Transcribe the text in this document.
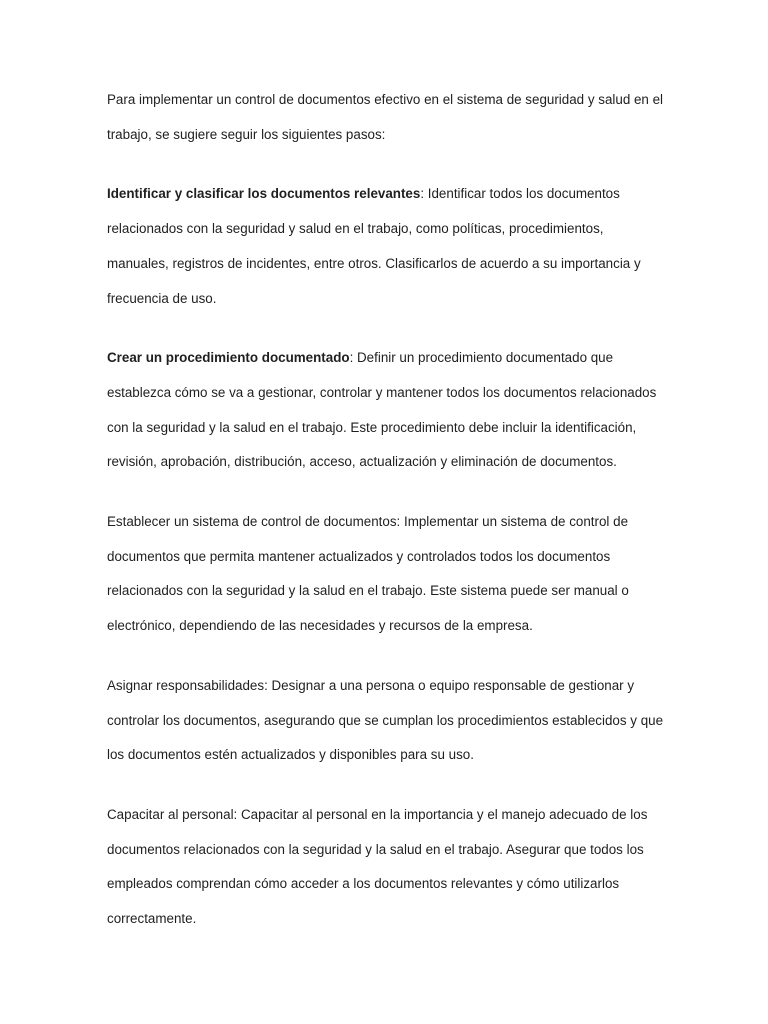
Para implementar un control de documentos efectivo en el sistema de seguridad y salud en el trabajo, se sugiere seguir los siguientes pasos:

Identificar y clasificar los documentos relevantes: Identificar todos los documentos relacionados con la seguridad y salud en el trabajo, como políticas, procedimientos, manuales, registros de incidentes, entre otros. Clasificarlos de acuerdo a su importancia y frecuencia de uso.

Crear un procedimiento documentado: Definir un procedimiento documentado que establezca cómo se va a gestionar, controlar y mantener todos los documentos relacionados con la seguridad y la salud en el trabajo. Este procedimiento debe incluir la identificación, revisión, aprobación, distribución, acceso, actualización y eliminación de documentos.

Establecer un sistema de control de documentos: Implementar un sistema de control de documentos que permita mantener actualizados y controlados todos los documentos relacionados con la seguridad y la salud en el trabajo. Este sistema puede ser manual o electrónico, dependiendo de las necesidades y recursos de la empresa.

Asignar responsabilidades: Designar a una persona o equipo responsable de gestionar y controlar los documentos, asegurando que se cumplan los procedimientos establecidos y que los documentos estén actualizados y disponibles para su uso.

Capacitar al personal: Capacitar al personal en la importancia y el manejo adecuado de los documentos relacionados con la seguridad y la salud en el trabajo. Asegurar que todos los empleados comprendan cómo acceder a los documentos relevantes y cómo utilizarlos correctamente.
